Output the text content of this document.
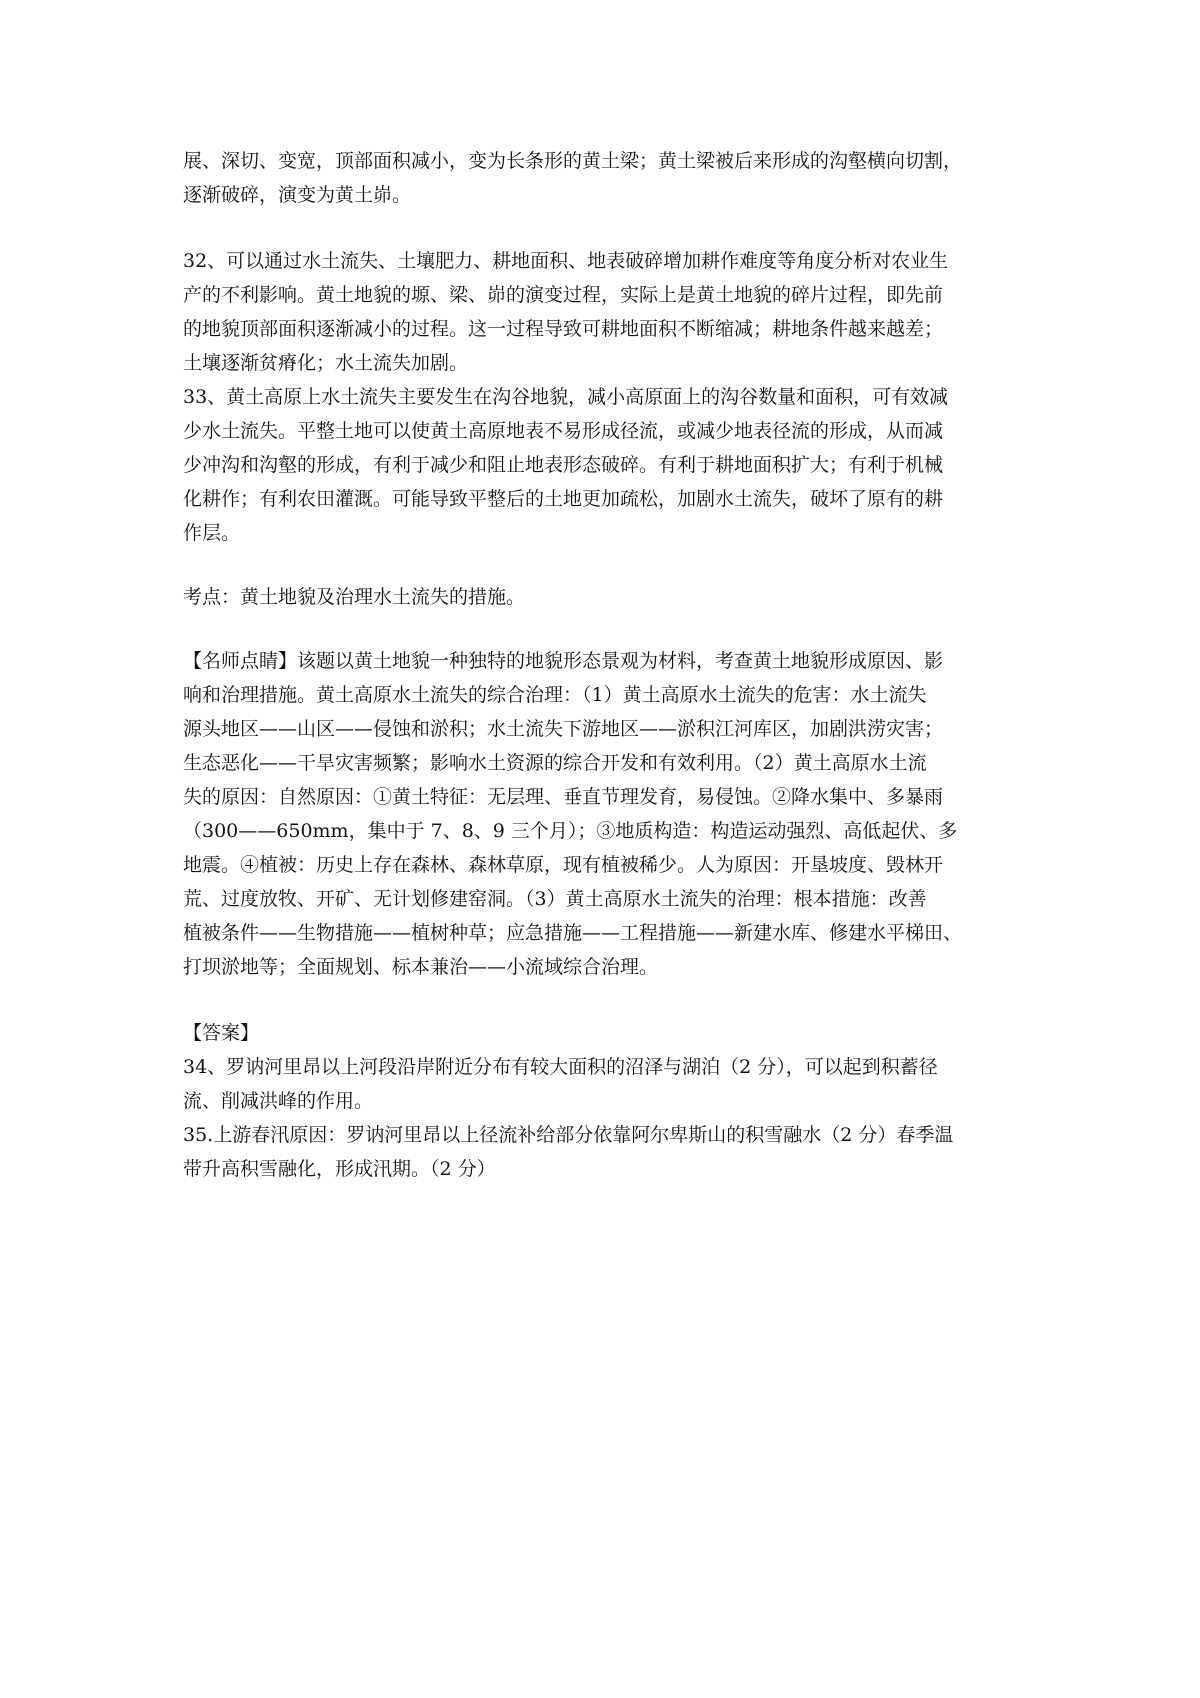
展、深切、变宽，顶部面积减小，变为长条形的黄土梁；黄土梁被后来形成的沟壑横向切割，
逐渐破碎，演变为黄土峁。

32、可以通过水土流失、土壤肥力、耕地面积、地表破碎增加耕作难度等角度分析对农业生
产的不利影响。黄土地貌的塬、梁、峁的演变过程，实际上是黄土地貌的碎片过程，即先前
的地貌顶部面积逐渐减小的过程。这一过程导致可耕地面积不断缩减；耕地条件越来越差；
土壤逐渐贫瘠化；水土流失加剧。

33、黄土高原上水土流失主要发生在沟谷地貌，减小高原面上的沟谷数量和面积，可有效减
少水土流失。平整土地可以使黄土高原地表不易形成径流，或减少地表径流的形成，从而减
少冲沟和沟壑的形成，有利于减少和阻止地表形态破碎。有利于耕地面积扩大；有利于机械
化耕作；有利农田灌溉。可能导致平整后的土地更加疏松，加剧水土流失，破坏了原有的耕
作层。

考点：黄土地貌及治理水土流失的措施。

【名师点睛】该题以黄土地貌一种独特的地貌形态景观为材料，考查黄土地貌形成原因、影
响和治理措施。黄土高原水土流失的综合治理：（1）黄土高原水土流失的危害：水土流失
源头地区——山区——侵蚀和淤积；水土流失下游地区——淤积江河库区，加剧洪涝灾害；
生态恶化——干旱灾害频繁；影响水土资源的综合开发和有效利用。（2）黄土高原水土流
失的原因：自然原因：①黄土特征：无层理、垂直节理发育，易侵蚀。②降水集中、多暴雨
（300——650mm，集中于 7、8、9 三个月）；③地质构造：构造运动强烈、高低起伏、多
地震。④植被：历史上存在森林、森林草原，现有植被稀少。人为原因：开垦坡度、毁林开
荒、过度放牧、开矿、无计划修建窑洞。（3）黄土高原水土流失的治理：根本措施：改善
植被条件——生物措施——植树种草；应急措施——工程措施——新建水库、修建水平梯田、
打坝淤地等；全面规划、标本兼治——小流域综合治理。

【答案】

34、罗讷河里昂以上河段沿岸附近分布有较大面积的沼泽与湖泊（2 分），可以起到积蓄径
流、削减洪峰的作用。

35.上游春汛原因：罗讷河里昂以上径流补给部分依靠阿尔卑斯山的积雪融水（2 分）春季温
带升高积雪融化，形成汛期。（2 分）
